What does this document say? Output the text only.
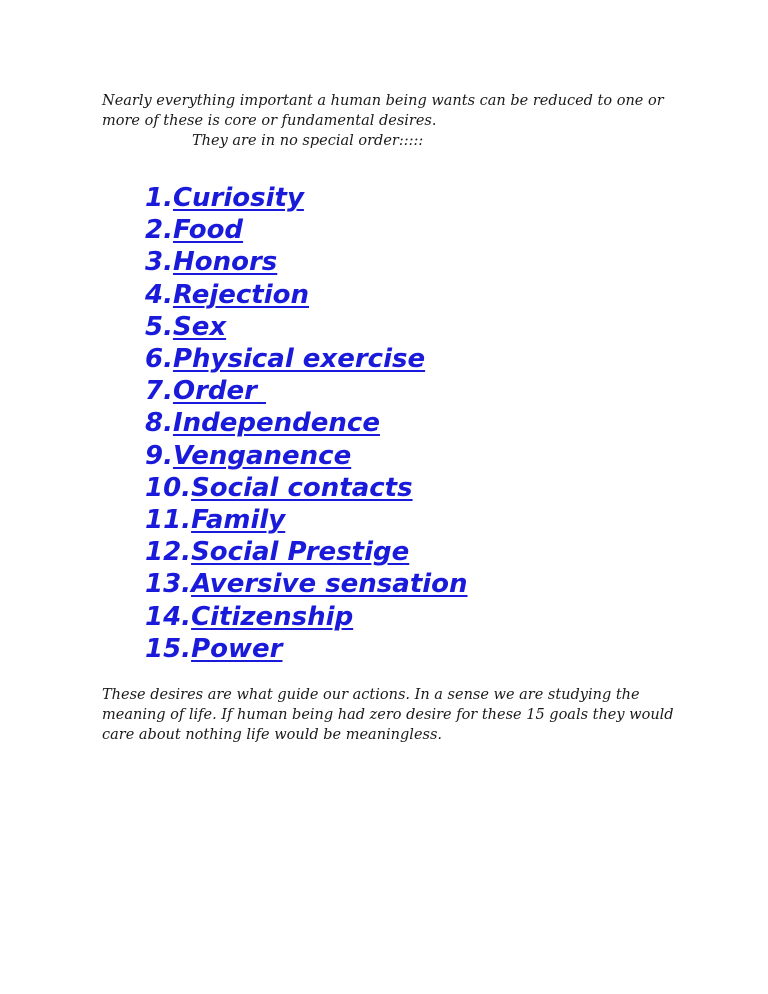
Nearly everything important a human being wants can be reduced to one or more of these is core or fundamental desires.
They are in no special order:::::

1.Curiosity
2.Food
3.Honors
4.Rejection
5.Sex
6.Physical exercise
7.Order
8.Independence
9.Venganence
10.Social contacts
11.Family
12.Social Prestige
13.Aversive sensation
14.Citizenship
15.Power

These desires are what guide our actions. In a sense we are studying the meaning of life. If human being had zero desire for these 15 goals they would care about nothing life would be meaningless.
